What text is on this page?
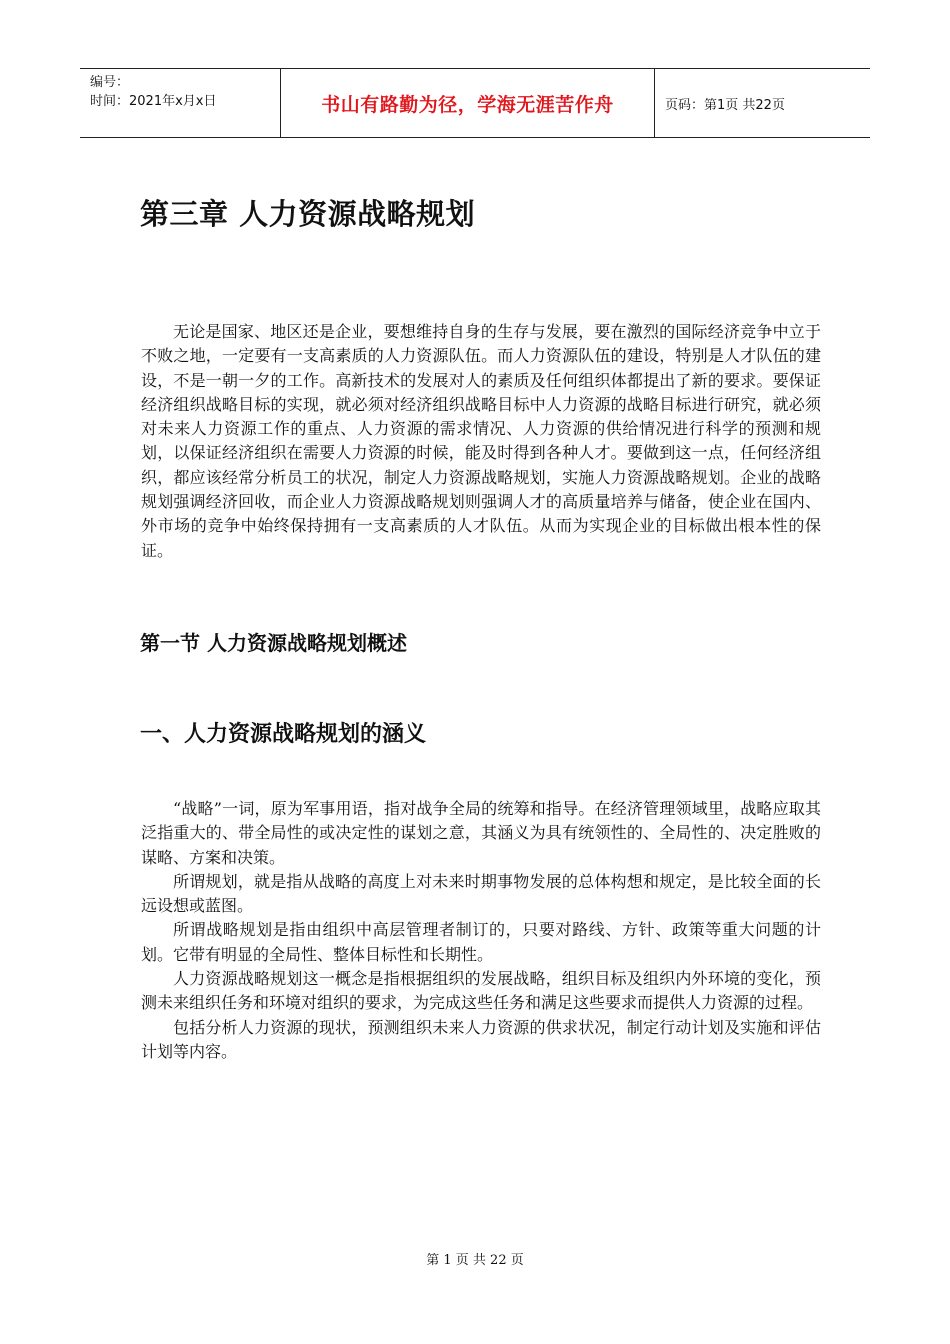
编号：
时间：2021年x月x日	书山有路勤为径，学海无涯苦作舟	页码：第1页 共22页
第三章 人力资源战略规划

无论是国家、地区还是企业，要想维持自身的生存与发展，要在激烈的国际经济竞争中立于不败之地，一定要有一支高素质的人力资源队伍。而人力资源队伍的建设，特别是人才队伍的建设，不是一朝一夕的工作。高新技术的发展对人的素质及任何组织体都提出了新的要求。要保证经济组织战略目标的实现，就必须对经济组织战略目标中人力资源的战略目标进行研究，就必须对未来人力资源工作的重点、人力资源的需求情况、人力资源的供给情况进行科学的预测和规划，以保证经济组织在需要人力资源的时候，能及时得到各种人才。要做到这一点，任何经济组织，都应该经常分析员工的状况，制定人力资源战略规划，实施人力资源战略规划。企业的战略规划强调经济回收，而企业人力资源战略规划则强调人才的高质量培养与储备，使企业在国内、外市场的竞争中始终保持拥有一支高素质的人才队伍。从而为实现企业的目标做出根本性的保证。

第一节 人力资源战略规划概述
一、人力资源战略规划的涵义

“战略”一词，原为军事用语，指对战争全局的统筹和指导。在经济管理领域里，战略应取其泛指重大的、带全局性的或决定性的谋划之意，其涵义为具有统领性的、全局性的、决定胜败的谋略、方案和决策。

所谓规划，就是指从战略的高度上对未来时期事物发展的总体构想和规定，是比较全面的长远设想或蓝图。

所谓战略规划是指由组织中高层管理者制订的，只要对路线、方针、政策等重大问题的计划。它带有明显的全局性、整体目标性和长期性。

人力资源战略规划这一概念是指根据组织的发展战略，组织目标及组织内外环境的变化，预测未来组织任务和环境对组织的要求，为完成这些任务和满足这些要求而提供人力资源的过程。

包括分析人力资源的现状，预测组织未来人力资源的供求状况，制定行动计划及实施和评估计划等内容。

第 1 页 共 22 页
